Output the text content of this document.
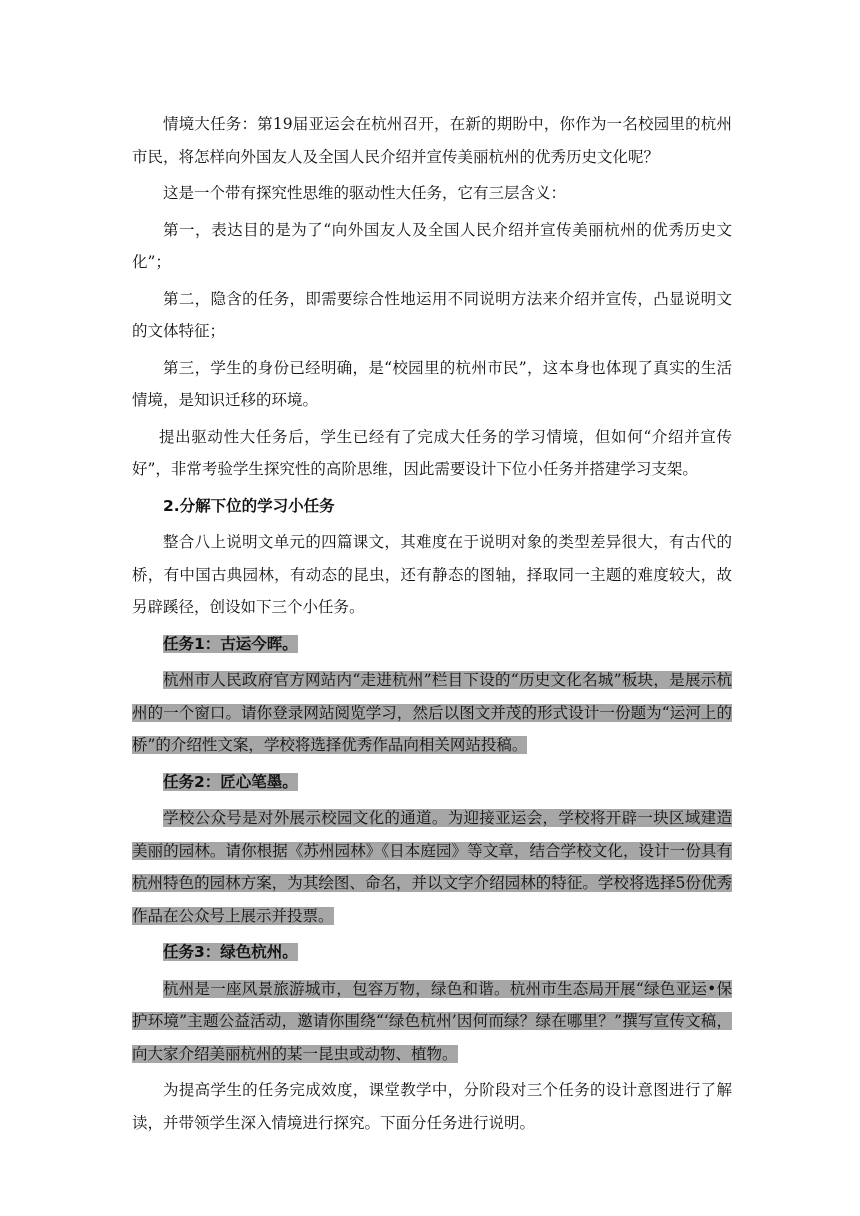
情境大任务：第19届亚运会在杭州召开，在新的期盼中，你作为一名校园里的杭州市民，将怎样向外国友人及全国人民介绍并宣传美丽杭州的优秀历史文化呢？

这是一个带有探究性思维的驱动性大任务，它有三层含义：

第一，表达目的是为了“向外国友人及全国人民介绍并宣传美丽杭州的优秀历史文化”；

第二，隐含的任务，即需要综合性地运用不同说明方法来介绍并宣传，凸显说明文的文体特征；

第三，学生的身份已经明确，是“校园里的杭州市民”，这本身也体现了真实的生活情境，是知识迁移的环境。

提出驱动性大任务后，学生已经有了完成大任务的学习情境，但如何“介绍并宣传好”，非常考验学生探究性的高阶思维，因此需要设计下位小任务并搭建学习支架。

2.分解下位的学习小任务

整合八上说明文单元的四篇课文，其难度在于说明对象的类型差异很大，有古代的桥，有中国古典园林，有动态的昆虫，还有静态的图轴，择取同一主题的难度较大，故另辟蹊径，创设如下三个小任务。

任务1：古运今晖。

杭州市人民政府官方网站内“走进杭州”栏目下设的“历史文化名城”板块，是展示杭州的一个窗口。请你登录网站阅览学习，然后以图文并茂的形式设计一份题为“运河上的桥”的介绍性文案，学校将选择优秀作品向相关网站投稿。

任务2：匠心笔墨。

学校公众号是对外展示校园文化的通道。为迎接亚运会，学校将开辟一块区域建造美丽的园林。请你根据《苏州园林》《日本庭园》等文章，结合学校文化，设计一份具有杭州特色的园林方案，为其绘图、命名，并以文字介绍园林的特征。学校将选择5份优秀作品在公众号上展示并投票。

任务3：绿色杭州。

杭州是一座风景旅游城市，包容万物，绿色和谐。杭州市生态局开展“绿色亚运•保护环境”主题公益活动，邀请你围绕“‘绿色杭州’因何而绿？绿在哪里？”撰写宣传文稿，向大家介绍美丽杭州的某一昆虫或动物、植物。

为提高学生的任务完成效度，课堂教学中，分阶段对三个任务的设计意图进行了解读，并带领学生深入情境进行探究。下面分任务进行说明。
